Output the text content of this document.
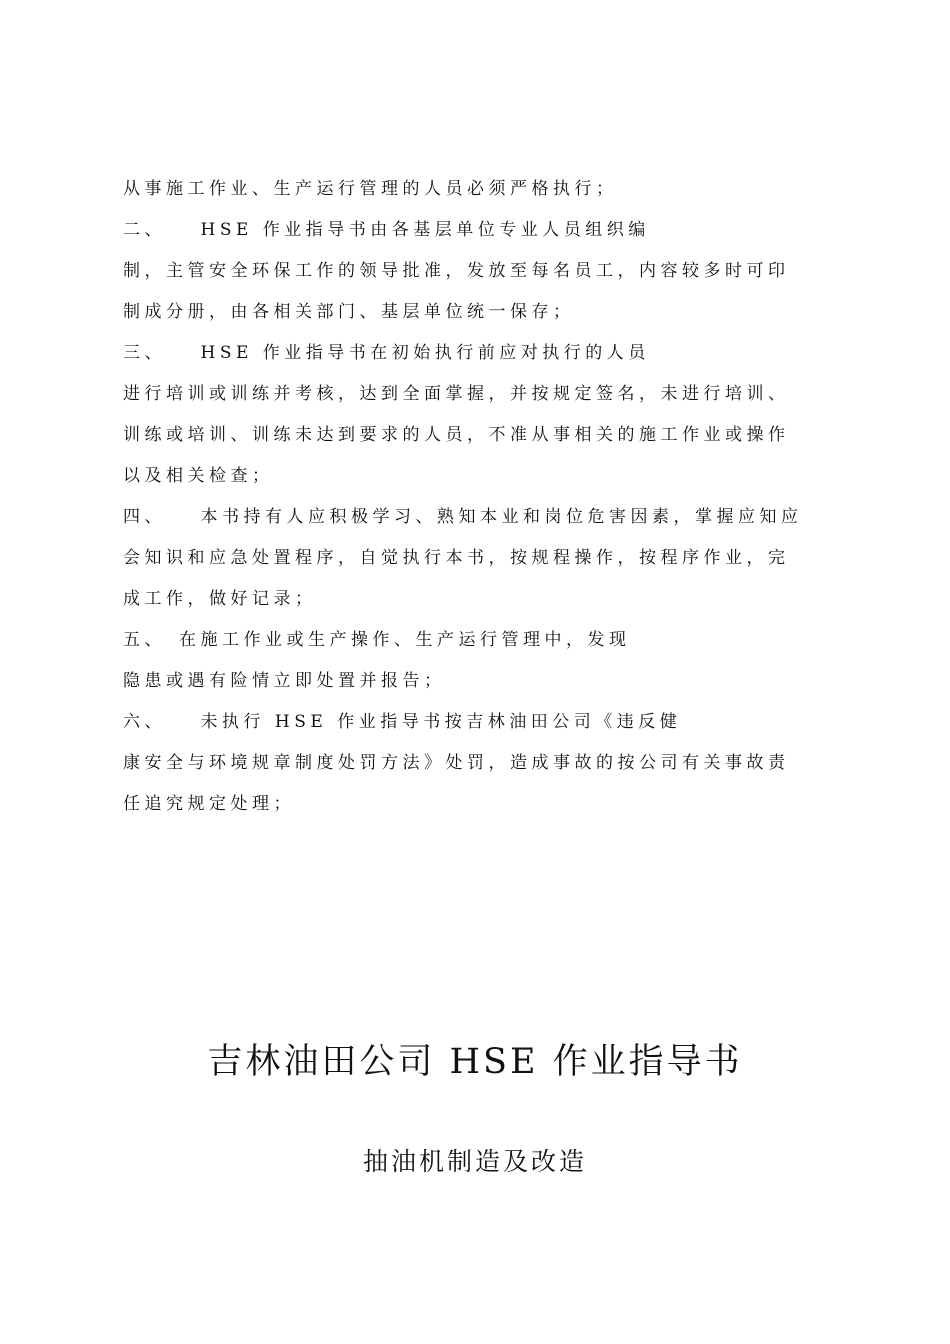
从事施工作业、生产运行管理的人员必须严格执行；
二、　　HSE 作业指导书由各基层单位专业人员组织编
制，主管安全环保工作的领导批准，发放至每名员工，内容较多时可印
制成分册，由各相关部门、基层单位统一保存；
三、　　HSE 作业指导书在初始执行前应对执行的人员
进行培训或训练并考核，达到全面掌握，并按规定签名，未进行培训、
训练或培训、训练未达到要求的人员，不准从事相关的施工作业或操作
以及相关检查；
四、　　本书持有人应积极学习、熟知本业和岗位危害因素，掌握应知应
会知识和应急处置程序，自觉执行本书，按规程操作，按程序作业，完
成工作，做好记录；
五、　在施工作业或生产操作、生产运行管理中，发现
隐患或遇有险情立即处置并报告；
六、　　未执行 HSE 作业指导书按吉林油田公司《违反健
康安全与环境规章制度处罚方法》处罚，造成事故的按公司有关事故责
任追究规定处理；
吉林油田公司 HSE 作业指导书
抽油机制造及改造
